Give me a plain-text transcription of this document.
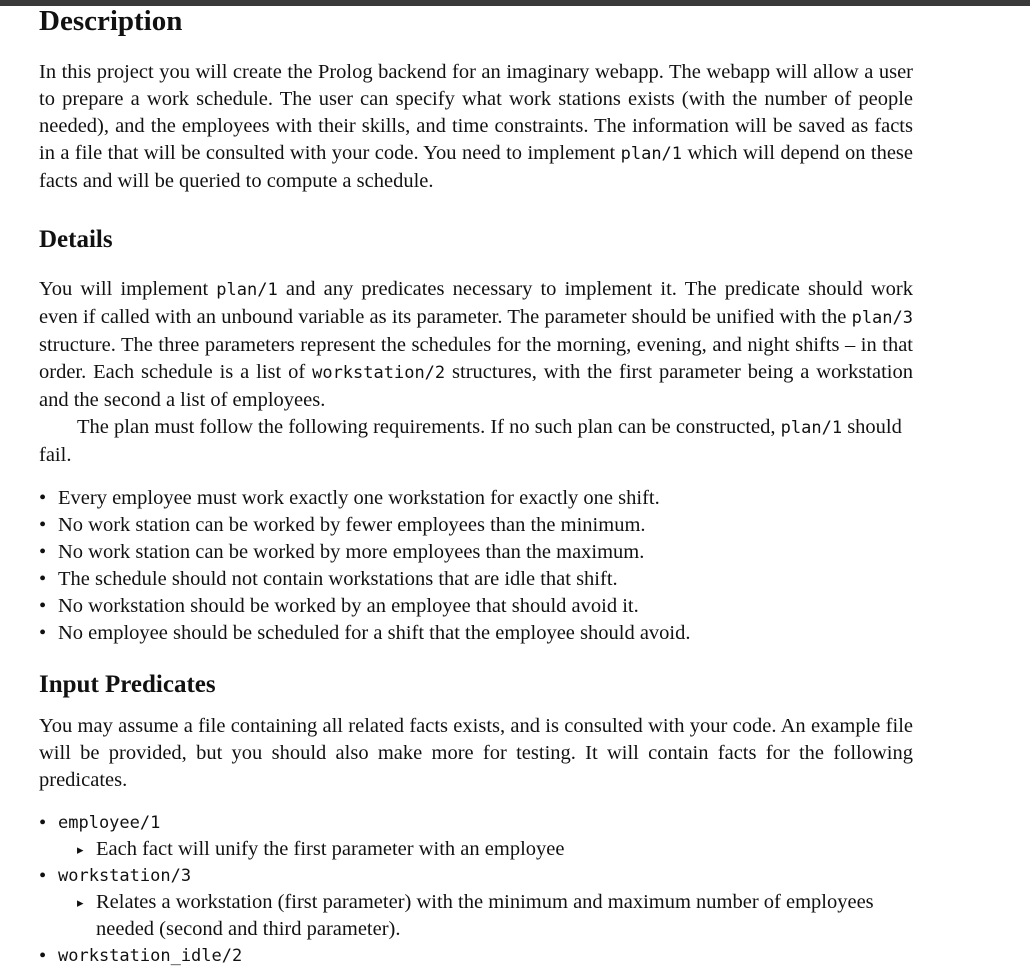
Description

In this project you will create the Prolog backend for an imaginary webapp. The webapp will allow a user to prepare a work schedule. The user can specify what work stations exists (with the number of people needed), and the employees with their skills, and time constraints. The information will be saved as facts in a file that will be consulted with your code. You need to implement plan/1 which will depend on these facts and will be queried to compute a schedule.

Details

You will implement plan/1 and any predicates necessary to implement it. The predicate should work even if called with an unbound variable as its parameter. The parameter should be unified with the plan/3 structure. The three parameters represent the schedules for the morning, evening, and night shifts – in that order. Each schedule is a list of workstation/2 structures, with the first parameter being a workstation and the second a list of employees.

The plan must follow the following requirements. If no such plan can be constructed, plan/1 should fail.

• Every employee must work exactly one workstation for exactly one shift.
• No work station can be worked by fewer employees than the minimum.
• No work station can be worked by more employees than the maximum.
• The schedule should not contain workstations that are idle that shift.
• No workstation should be worked by an employee that should avoid it.
• No employee should be scheduled for a shift that the employee should avoid.
Input Predicates

You may assume a file containing all related facts exists, and is consulted with your code. An example file will be provided, but you should also make more for testing. It will contain facts for the following predicates.

• employee/1
▸ Each fact will unify the first parameter with an employee
• workstation/3
▸ Relates a workstation (first parameter) with the minimum and maximum number of employees needed (second and third parameter).
• workstation_idle/2
